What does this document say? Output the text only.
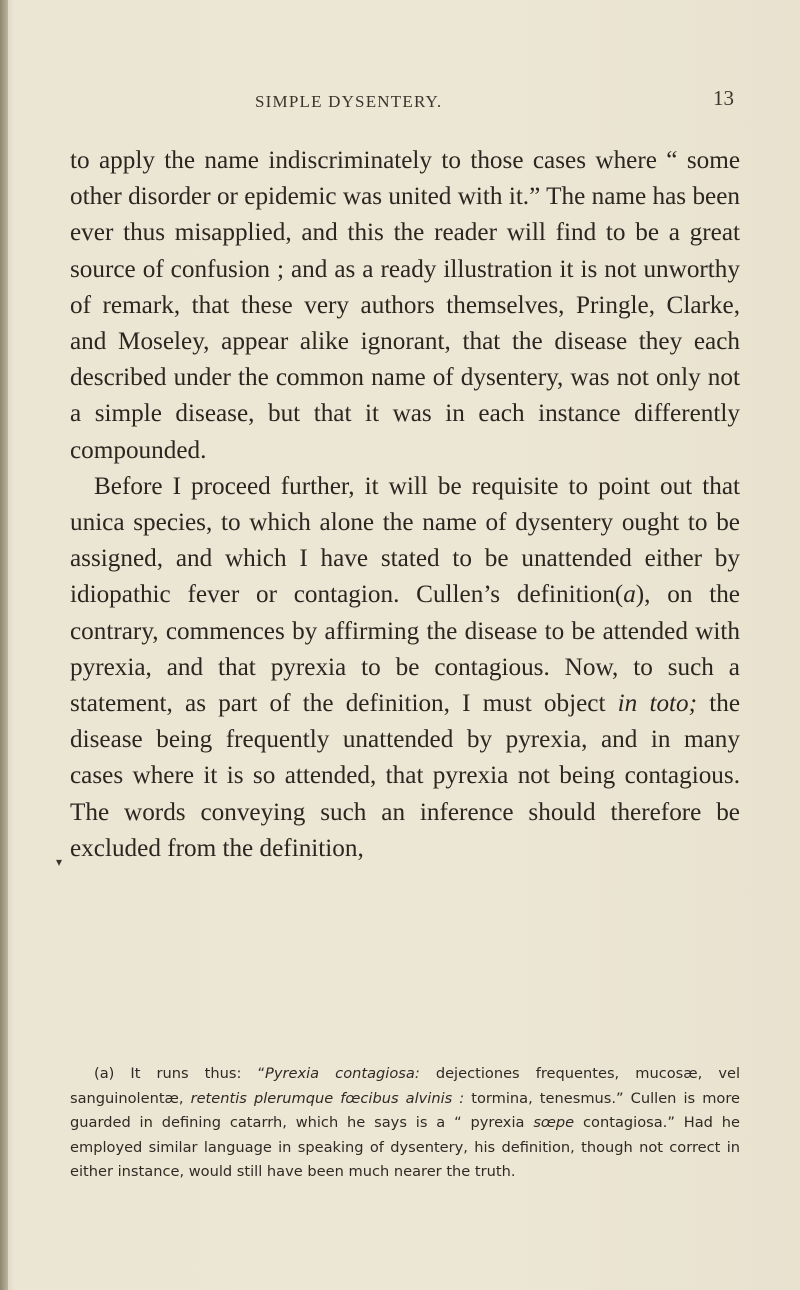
SIMPLE DYSENTERY.	13

to apply the name indiscriminately to those cases where “ some other disorder or epidemic was united with it.” The name has been ever thus misapplied, and this the reader will find to be a great source of confusion ; and as a ready illustration it is not unworthy of remark, that these very authors themselves, Pringle, Clarke, and Moseley, appear alike ignorant, that the disease they each described under the common name of dysentery, was not only not a simple disease, but that it was in each instance differently compounded.

Before I proceed further, it will be requisite to point out that unica species, to which alone the name of dysentery ought to be assigned, and which I have stated to be unattended either by idiopathic fever or contagion. Cullen’s definition(a), on the contrary, commences by affirming the disease to be attended with pyrexia, and that pyrexia to be contagious. Now, to such a statement, as part of the definition, I must object in toto; the disease being frequently unattended by pyrexia, and in many cases where it is so attended, that pyrexia not being contagious. The words conveying such an inference should therefore be excluded from the definition,

▾

(a) It runs thus: “Pyrexia contagiosa: dejectiones frequentes, mucosæ, vel sanguinolentæ, retentis plerumque fœcibus alvinis : tormina, tenesmus.” Cullen is more guarded in defining catarrh, which he says is a “ pyrexia sœpe contagiosa.” Had he employed similar language in speaking of dysentery, his definition, though not correct in either instance, would still have been much nearer the truth.
